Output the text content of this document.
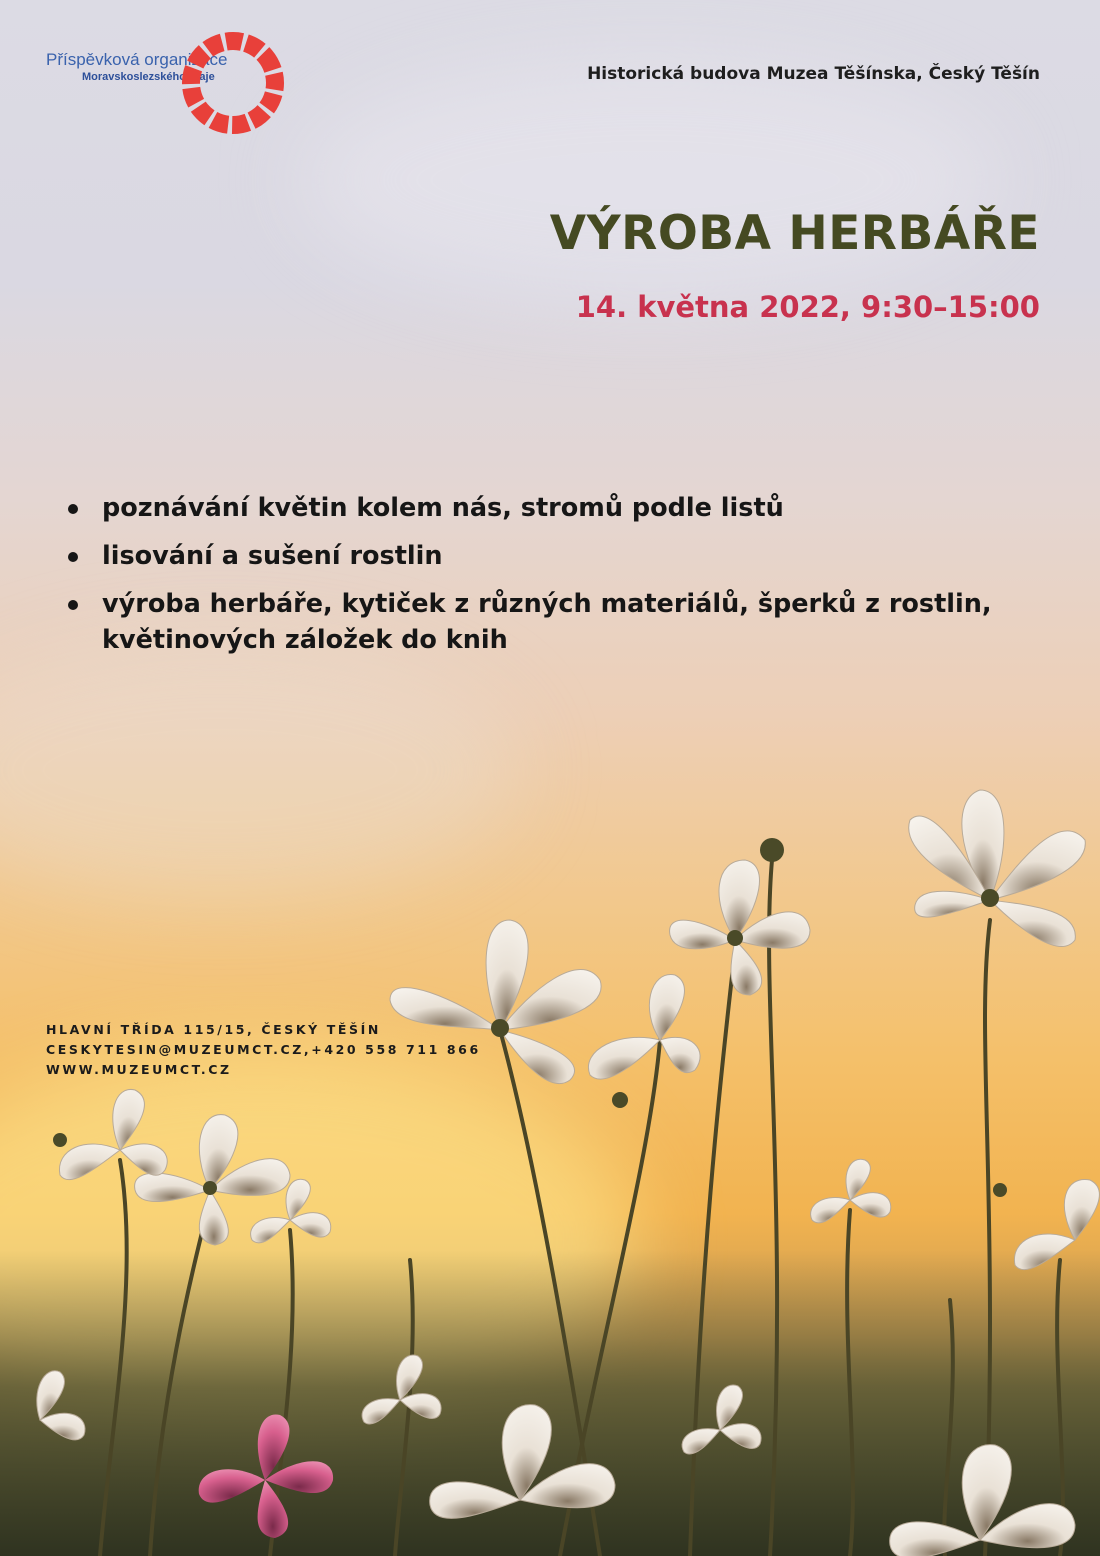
Příspěvková organizace
Moravskoslezského kraje	Historická budova Muzea Těšínska, Český Těšín
VÝROBA HERBÁŘE
14. května 2022, 9:30–15:00
poznávání květin kolem nás, stromů podle listů
lisování a sušení rostlin
výroba herbáře, kytiček z různých materiálů, šperků z rostlin, květinových záložek do knih
HLAVNÍ TŘÍDA 115/15, ČESKÝ TĚŠÍN
CESKYTESIN@MUZEUMCT.CZ,+420 558 711 866
WWW.MUZEUMCT.CZ
